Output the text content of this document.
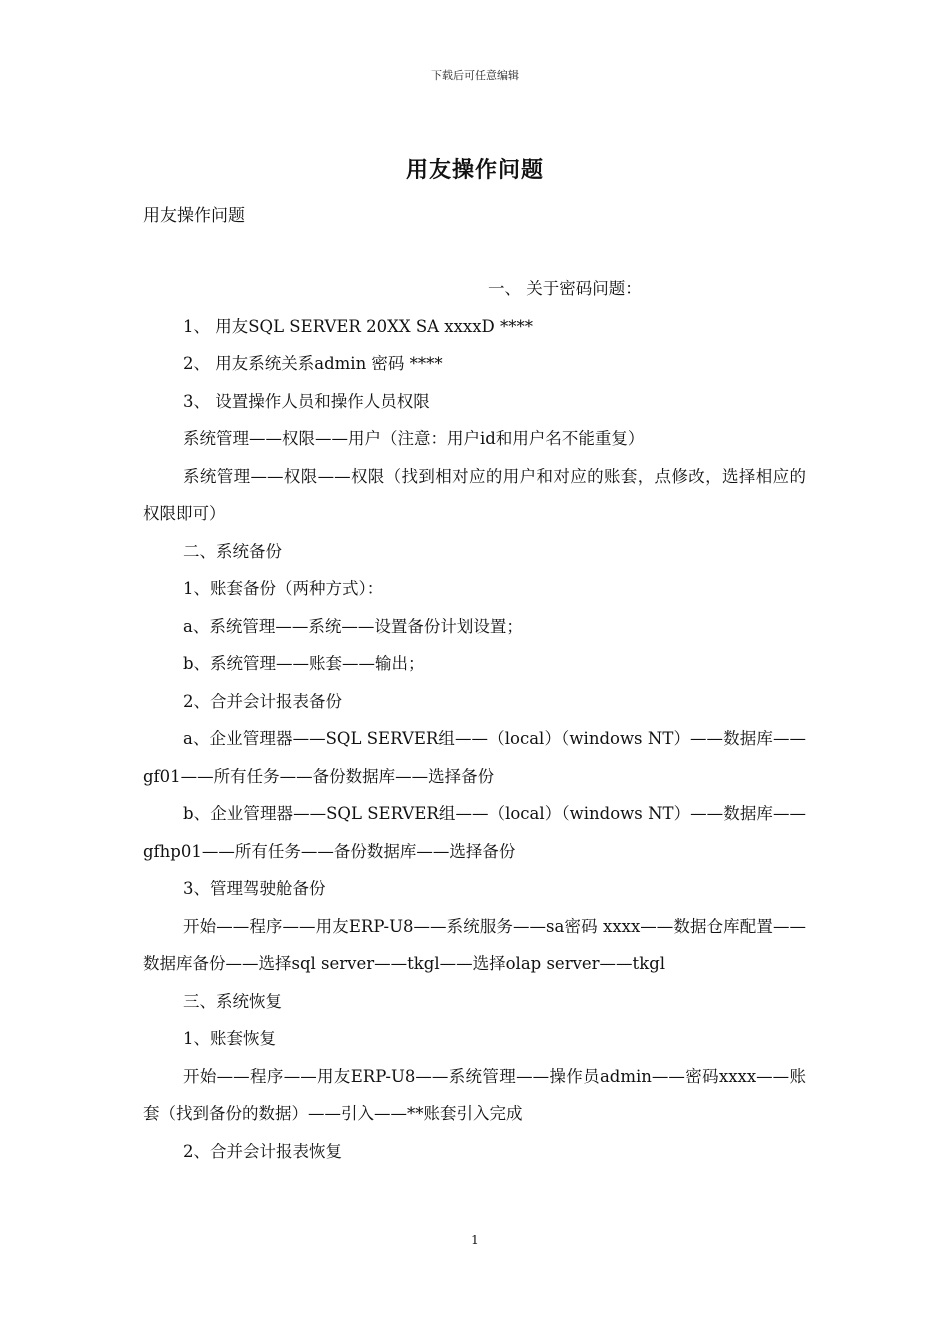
下载后可任意编辑
用友操作问题
用友操作问题
一、 关于密码问题：
1、 用友SQL SERVER 20XX SA xxxxD ****
2、 用友系统关系admin 密码 ****
3、 设置操作人员和操作人员权限
系统管理——权限——用户（注意：用户id和用户名不能重复）
系统管理——权限——权限（找到相对应的用户和对应的账套，点修改，选择相应的权限即可）
二、系统备份
1、账套备份（两种方式）：
a、系统管理——系统——设置备份计划设置；
b、系统管理——账套——输出；
2、合并会计报表备份
a、企业管理器——SQL SERVER组——（local）（windows NT）——数据库——gf01——所有任务——备份数据库——选择备份
b、企业管理器——SQL SERVER组——（local）（windows NT）——数据库——gfhp01——所有任务——备份数据库——选择备份
3、管理驾驶舱备份
开始——程序——用友ERP-U8——系统服务——sa密码 xxxx——数据仓库配置——数据库备份——选择sql server——tkgl——选择olap server——tkgl
三、系统恢复
1、账套恢复
开始——程序——用友ERP-U8——系统管理——操作员admin——密码xxxx——账套（找到备份的数据）——引入——**账套引入完成
2、合并会计报表恢复
1
